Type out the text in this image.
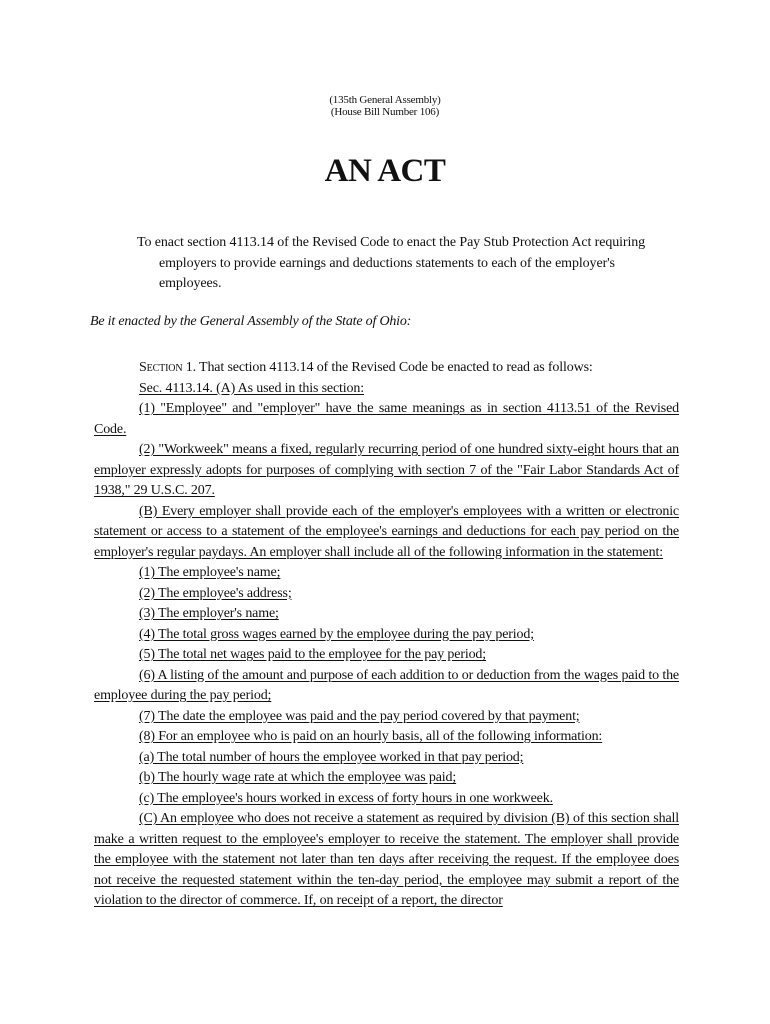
(135th General Assembly)
(House Bill Number 106)
AN ACT
To enact section 4113.14 of the Revised Code to enact the Pay Stub Protection Act requiring employers to provide earnings and deductions statements to each of the employer's employees.
Be it enacted by the General Assembly of the State of Ohio:

Section 1. That section 4113.14 of the Revised Code be enacted to read as follows:

Sec. 4113.14. (A) As used in this section:

(1) "Employee" and "employer" have the same meanings as in section 4113.51 of the Revised Code.

(2) "Workweek" means a fixed, regularly recurring period of one hundred sixty-eight hours that an employer expressly adopts for purposes of complying with section 7 of the "Fair Labor Standards Act of 1938," 29 U.S.C. 207.

(B) Every employer shall provide each of the employer's employees with a written or electronic statement or access to a statement of the employee's earnings and deductions for each pay period on the employer's regular paydays. An employer shall include all of the following information in the statement:

(1) The employee's name;

(2) The employee's address;

(3) The employer's name;

(4) The total gross wages earned by the employee during the pay period;

(5) The total net wages paid to the employee for the pay period;

(6) A listing of the amount and purpose of each addition to or deduction from the wages paid to the employee during the pay period;

(7) The date the employee was paid and the pay period covered by that payment;

(8) For an employee who is paid on an hourly basis, all of the following information:

(a) The total number of hours the employee worked in that pay period;

(b) The hourly wage rate at which the employee was paid;

(c) The employee's hours worked in excess of forty hours in one workweek.

(C) An employee who does not receive a statement as required by division (B) of this section shall make a written request to the employee's employer to receive the statement. The employer shall provide the employee with the statement not later than ten days after receiving the request. If the employee does not receive the requested statement within the ten-day period, the employee may submit a report of the violation to the director of commerce. If, on receipt of a report, the director
